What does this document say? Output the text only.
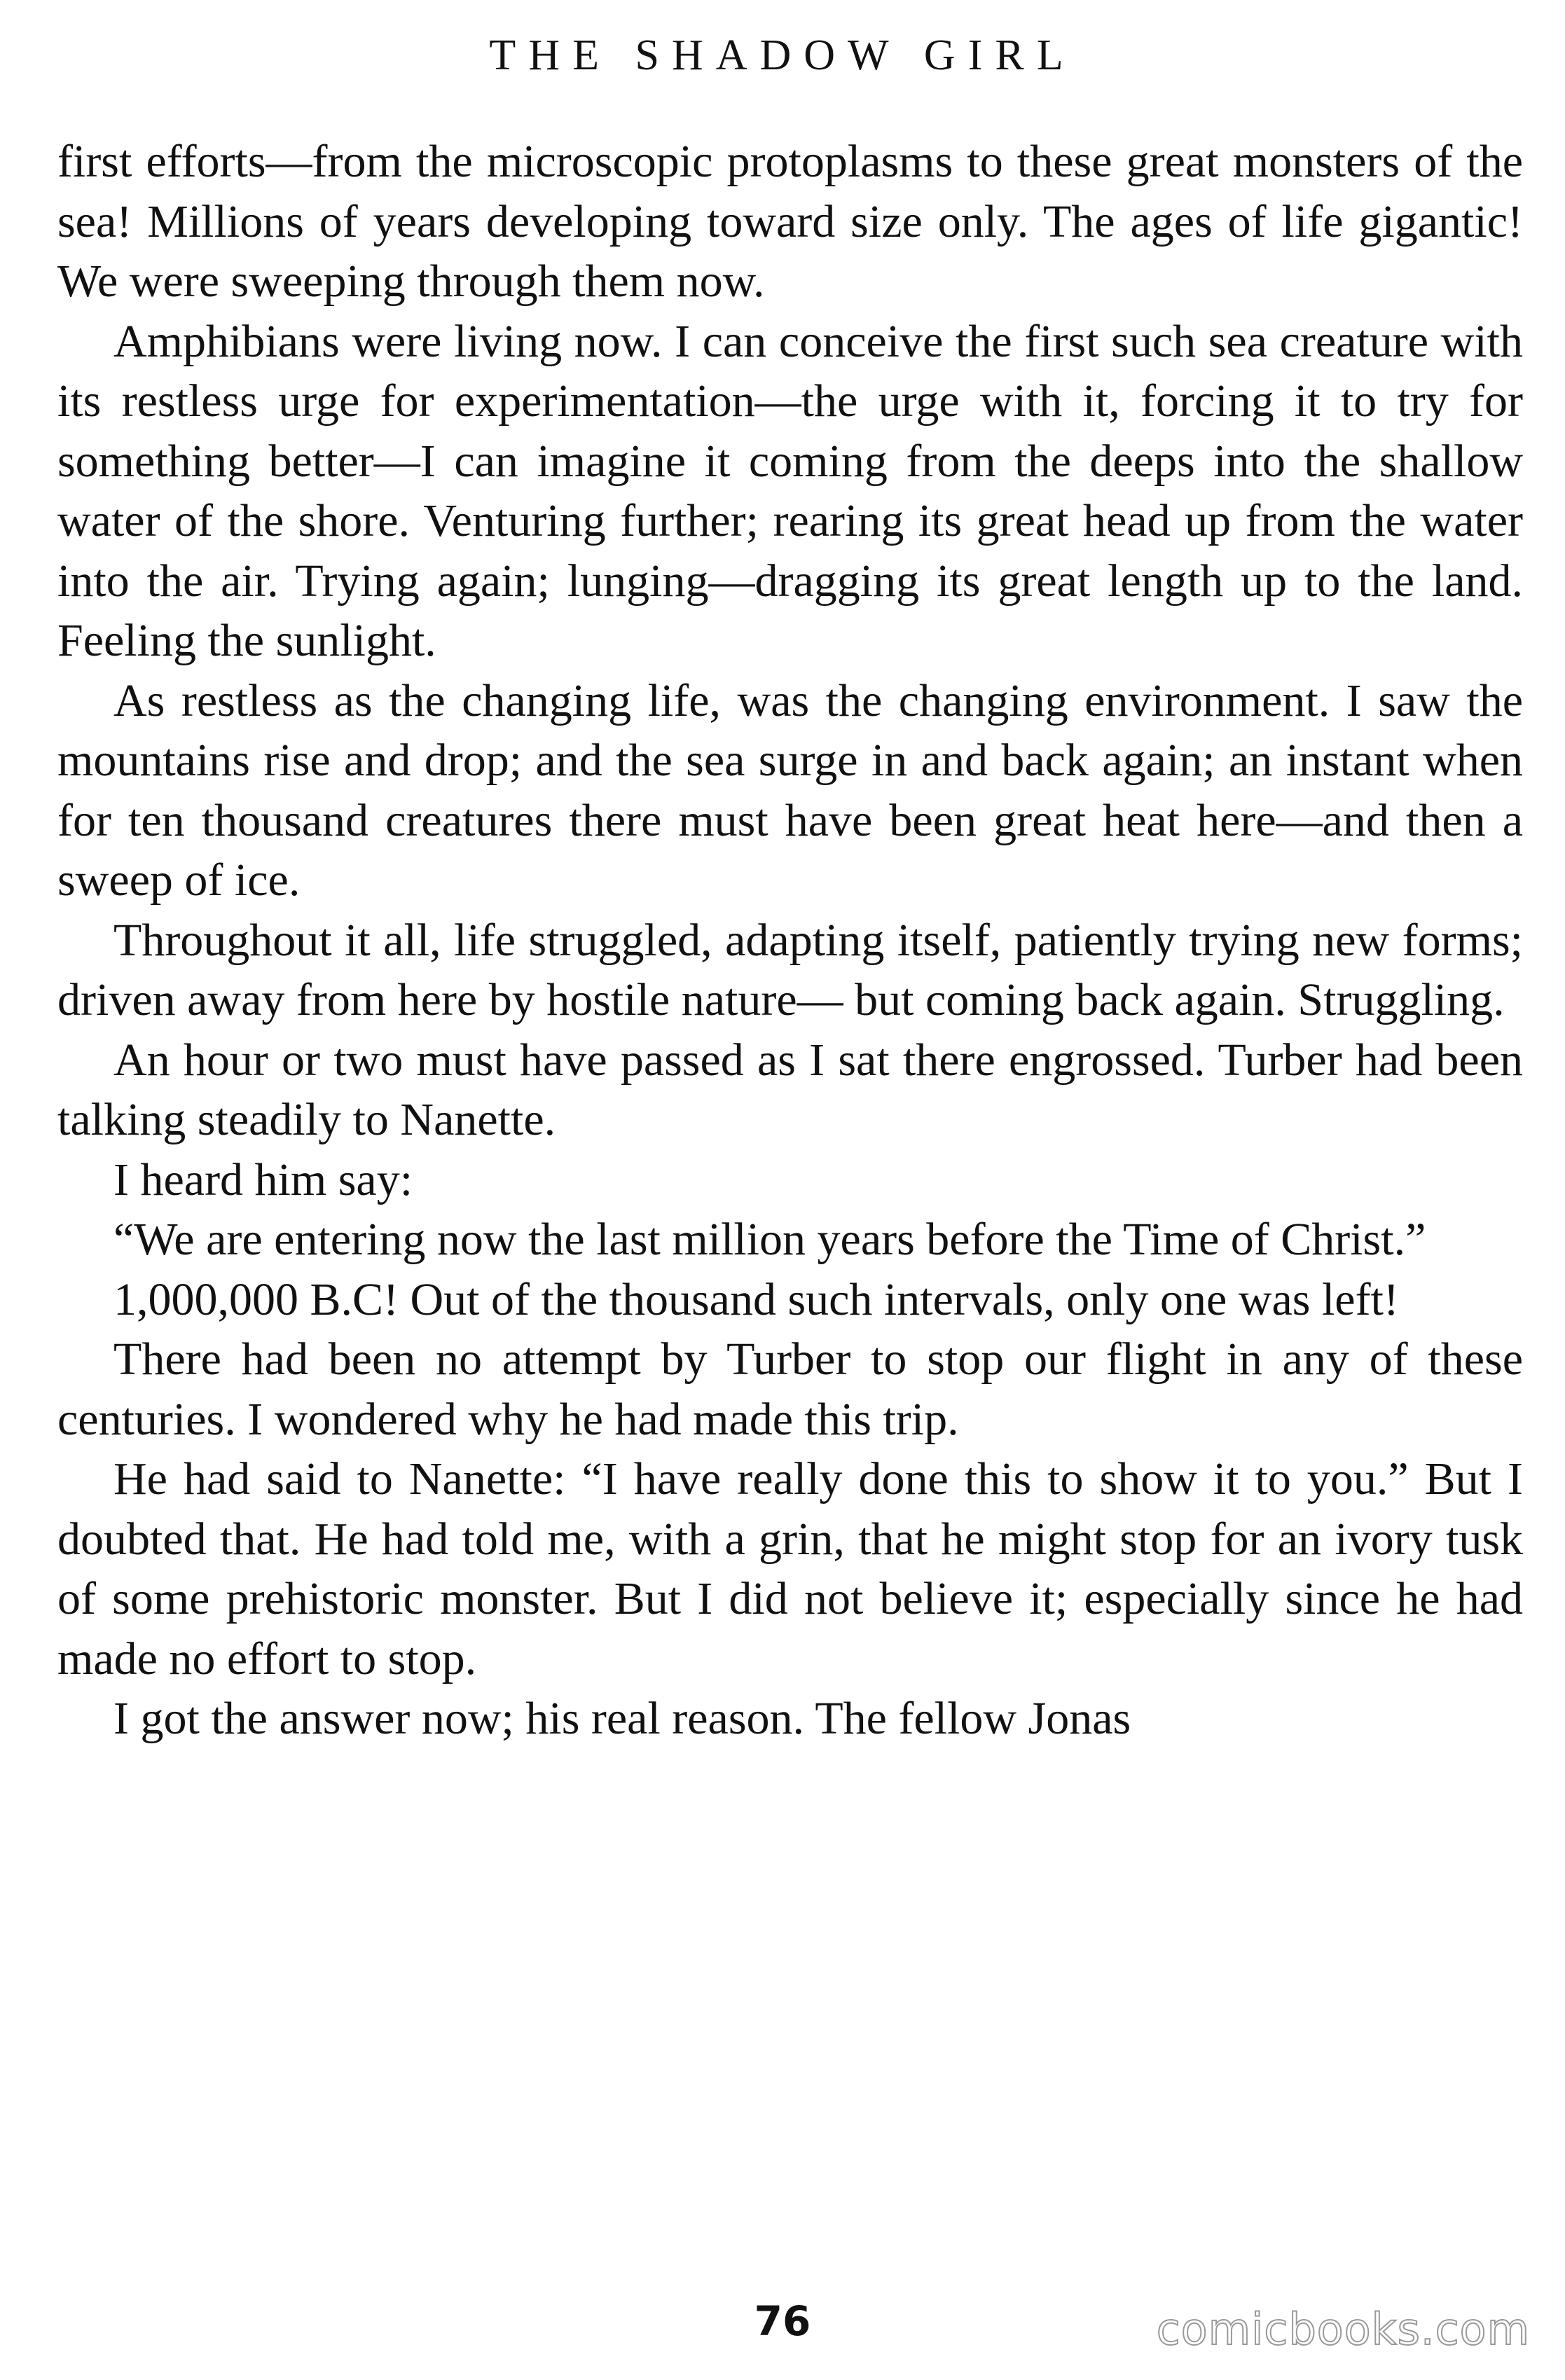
THE SHADOW GIRL

first efforts—from the microscopic protoplasms to these great monsters of the sea! Millions of years developing toward size only. The ages of life gigantic! We were sweeping through them now.

Amphibians were living now. I can conceive the first such sea creature with its restless urge for experimentation—the urge with it, forcing it to try for something better—I can imagine it coming from the deeps into the shallow water of the shore. Venturing further; rearing its great head up from the water into the air. Trying again; lunging—dragging its great length up to the land. Feeling the sunlight.

As restless as the changing life, was the changing environment. I saw the mountains rise and drop; and the sea surge in and back again; an instant when for ten thousand creatures there must have been great heat here—and then a sweep of ice.

Throughout it all, life struggled, adapting itself, patiently trying new forms; driven away from here by hostile nature— but coming back again. Struggling.

An hour or two must have passed as I sat there engrossed. Turber had been talking steadily to Nanette.

I heard him say:

“We are entering now the last million years before the Time of Christ.”

1,000,000 B.C! Out of the thousand such intervals, only one was left!

There had been no attempt by Turber to stop our flight in any of these centuries. I wondered why he had made this trip.

He had said to Nanette: “I have really done this to show it to you.” But I doubted that. He had told me, with a grin, that he might stop for an ivory tusk of some prehistoric monster. But I did not believe it; especially since he had made no effort to stop.

I got the answer now; his real reason. The fellow Jonas

76	comicbooks.com
